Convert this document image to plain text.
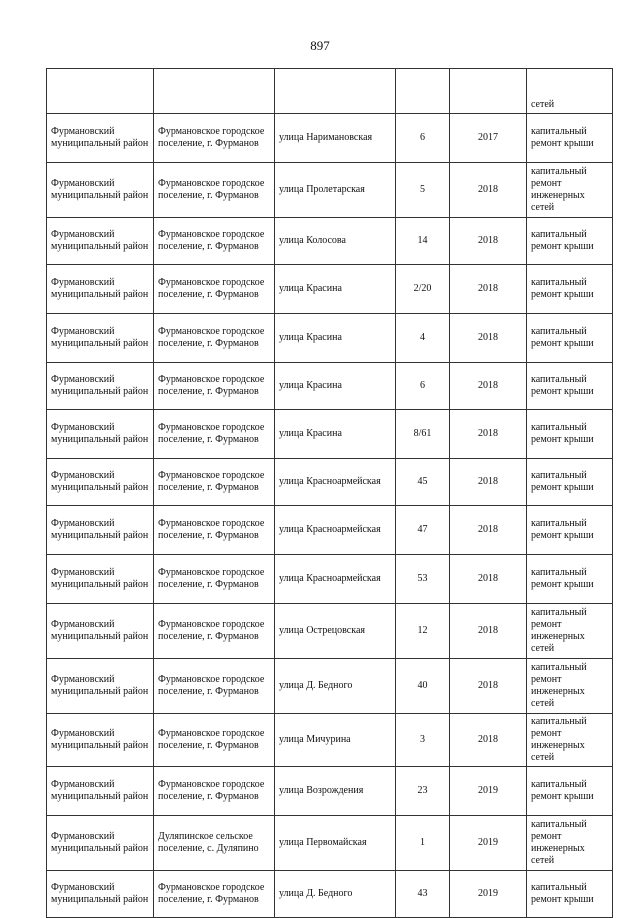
897
					сетей
Фурмановский муниципальный район	Фурмановское городское поселение, г. Фурманов	улица Наримановская	6	2017	капитальный ремонт крыши
Фурмановский муниципальный район	Фурмановское городское поселение, г. Фурманов	улица Пролетарская	5	2018	капитальный ремонт инженерных сетей
Фурмановский муниципальный район	Фурмановское городское поселение, г. Фурманов	улица Колосова	14	2018	капитальный ремонт крыши
Фурмановский муниципальный район	Фурмановское городское поселение, г. Фурманов	улица Красина	2/20	2018	капитальный ремонт крыши
Фурмановский муниципальный район	Фурмановское городское поселение, г. Фурманов	улица Красина	4	2018	капитальный ремонт крыши
Фурмановский муниципальный район	Фурмановское городское поселение, г. Фурманов	улица Красина	6	2018	капитальный ремонт крыши
Фурмановский муниципальный район	Фурмановское городское поселение, г. Фурманов	улица Красина	8/61	2018	капитальный ремонт крыши
Фурмановский муниципальный район	Фурмановское городское поселение, г. Фурманов	улица Красноармейская	45	2018	капитальный ремонт крыши
Фурмановский муниципальный район	Фурмановское городское поселение, г. Фурманов	улица Красноармейская	47	2018	капитальный ремонт крыши
Фурмановский муниципальный район	Фурмановское городское поселение, г. Фурманов	улица Красноармейская	53	2018	капитальный ремонт крыши
Фурмановский муниципальный район	Фурмановское городское поселение, г. Фурманов	улица Острецовская	12	2018	капитальный ремонт инженерных сетей
Фурмановский муниципальный район	Фурмановское городское поселение, г. Фурманов	улица Д. Бедного	40	2018	капитальный ремонт инженерных сетей
Фурмановский муниципальный район	Фурмановское городское поселение, г. Фурманов	улица Мичурина	3	2018	капитальный ремонт инженерных сетей
Фурмановский муниципальный район	Фурмановское городское поселение, г. Фурманов	улица Возрождения	23	2019	капитальный ремонт крыши
Фурмановский муниципальный район	Дуляпинское сельское поселение, с. Дуляпино	улица Первомайская	1	2019	капитальный ремонт инженерных сетей
Фурмановский муниципальный район	Фурмановское городское поселение, г. Фурманов	улица Д. Бедного	43	2019	капитальный ремонт крыши
